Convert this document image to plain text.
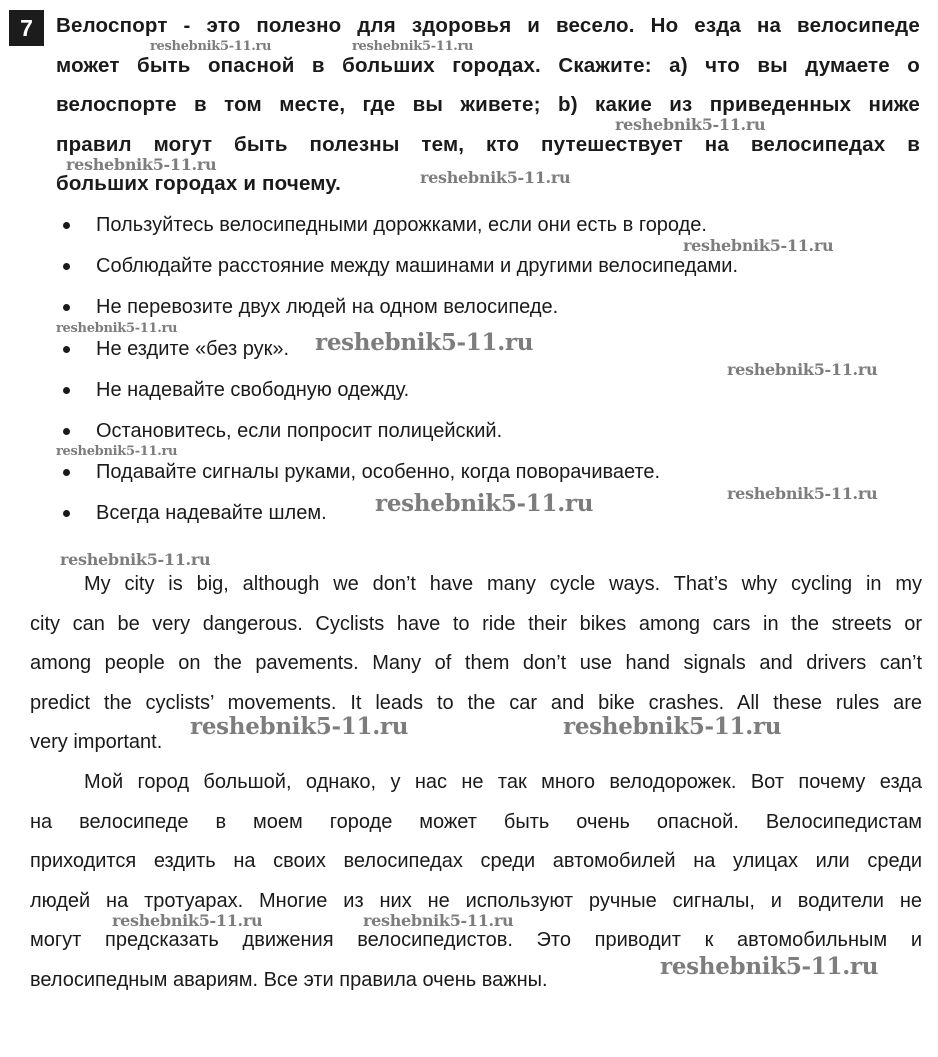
7	Велоспорт - это полезно для здоровья и весело. Но езда на велосипеде
может быть опасной в больших городах. Скажите: a) что вы думаете о
велоспорте в том месте, где вы живете; b) какие из приведенных ниже
правил могут быть полезны тем, кто путешествует на велосипедах в
больших городах и почему.
Пользуйтесь велосипедными дорожками, если они есть в городе.
Соблюдайте расстояние между машинами и другими велосипедами.
Не перевозите двух людей на одном велосипеде.
Не ездите «без рук».
Не надевайте свободную одежду.
Остановитесь, если попросит полицейский.
Подавайте сигналы руками, особенно, когда поворачиваете.
Всегда надевайте шлем.
My city is big, although we don’t have many cycle ways. That’s why cycling in my
city can be very dangerous. Cyclists have to ride their bikes among cars in the streets or
among people on the pavements. Many of them don’t use hand signals and drivers can’t
predict the cyclists’ movements. It leads to the car and bike crashes. All these rules are
very important.
Мой город большой, однако, у нас не так много велодорожек. Вот почему езда
на велосипеде в моем городе может быть очень опасной. Велосипедистам
приходится ездить на своих велосипедах среди автомобилей на улицах или среди
людей на тротуарах. Многие из них не используют ручные сигналы, и водители не
могут предсказать движения велосипедистов. Это приводит к автомобильным и
велосипедным авариям. Все эти правила очень важны.
reshebnik5-11.ru	reshebnik5-11.ru
reshebnik5-11.ru
reshebnik5-11.ru
reshebnik5-11.ru
reshebnik5-11.ru
reshebnik5-11.ru
reshebnik5-11.ru
reshebnik5-11.ru
reshebnik5-11.ru
reshebnik5-11.ru
reshebnik5-11.ru
reshebnik5-11.ru
reshebnik5-11.ru	reshebnik5-11.ru
reshebnik5-11.ru	reshebnik5-11.ru
reshebnik5-11.ru
